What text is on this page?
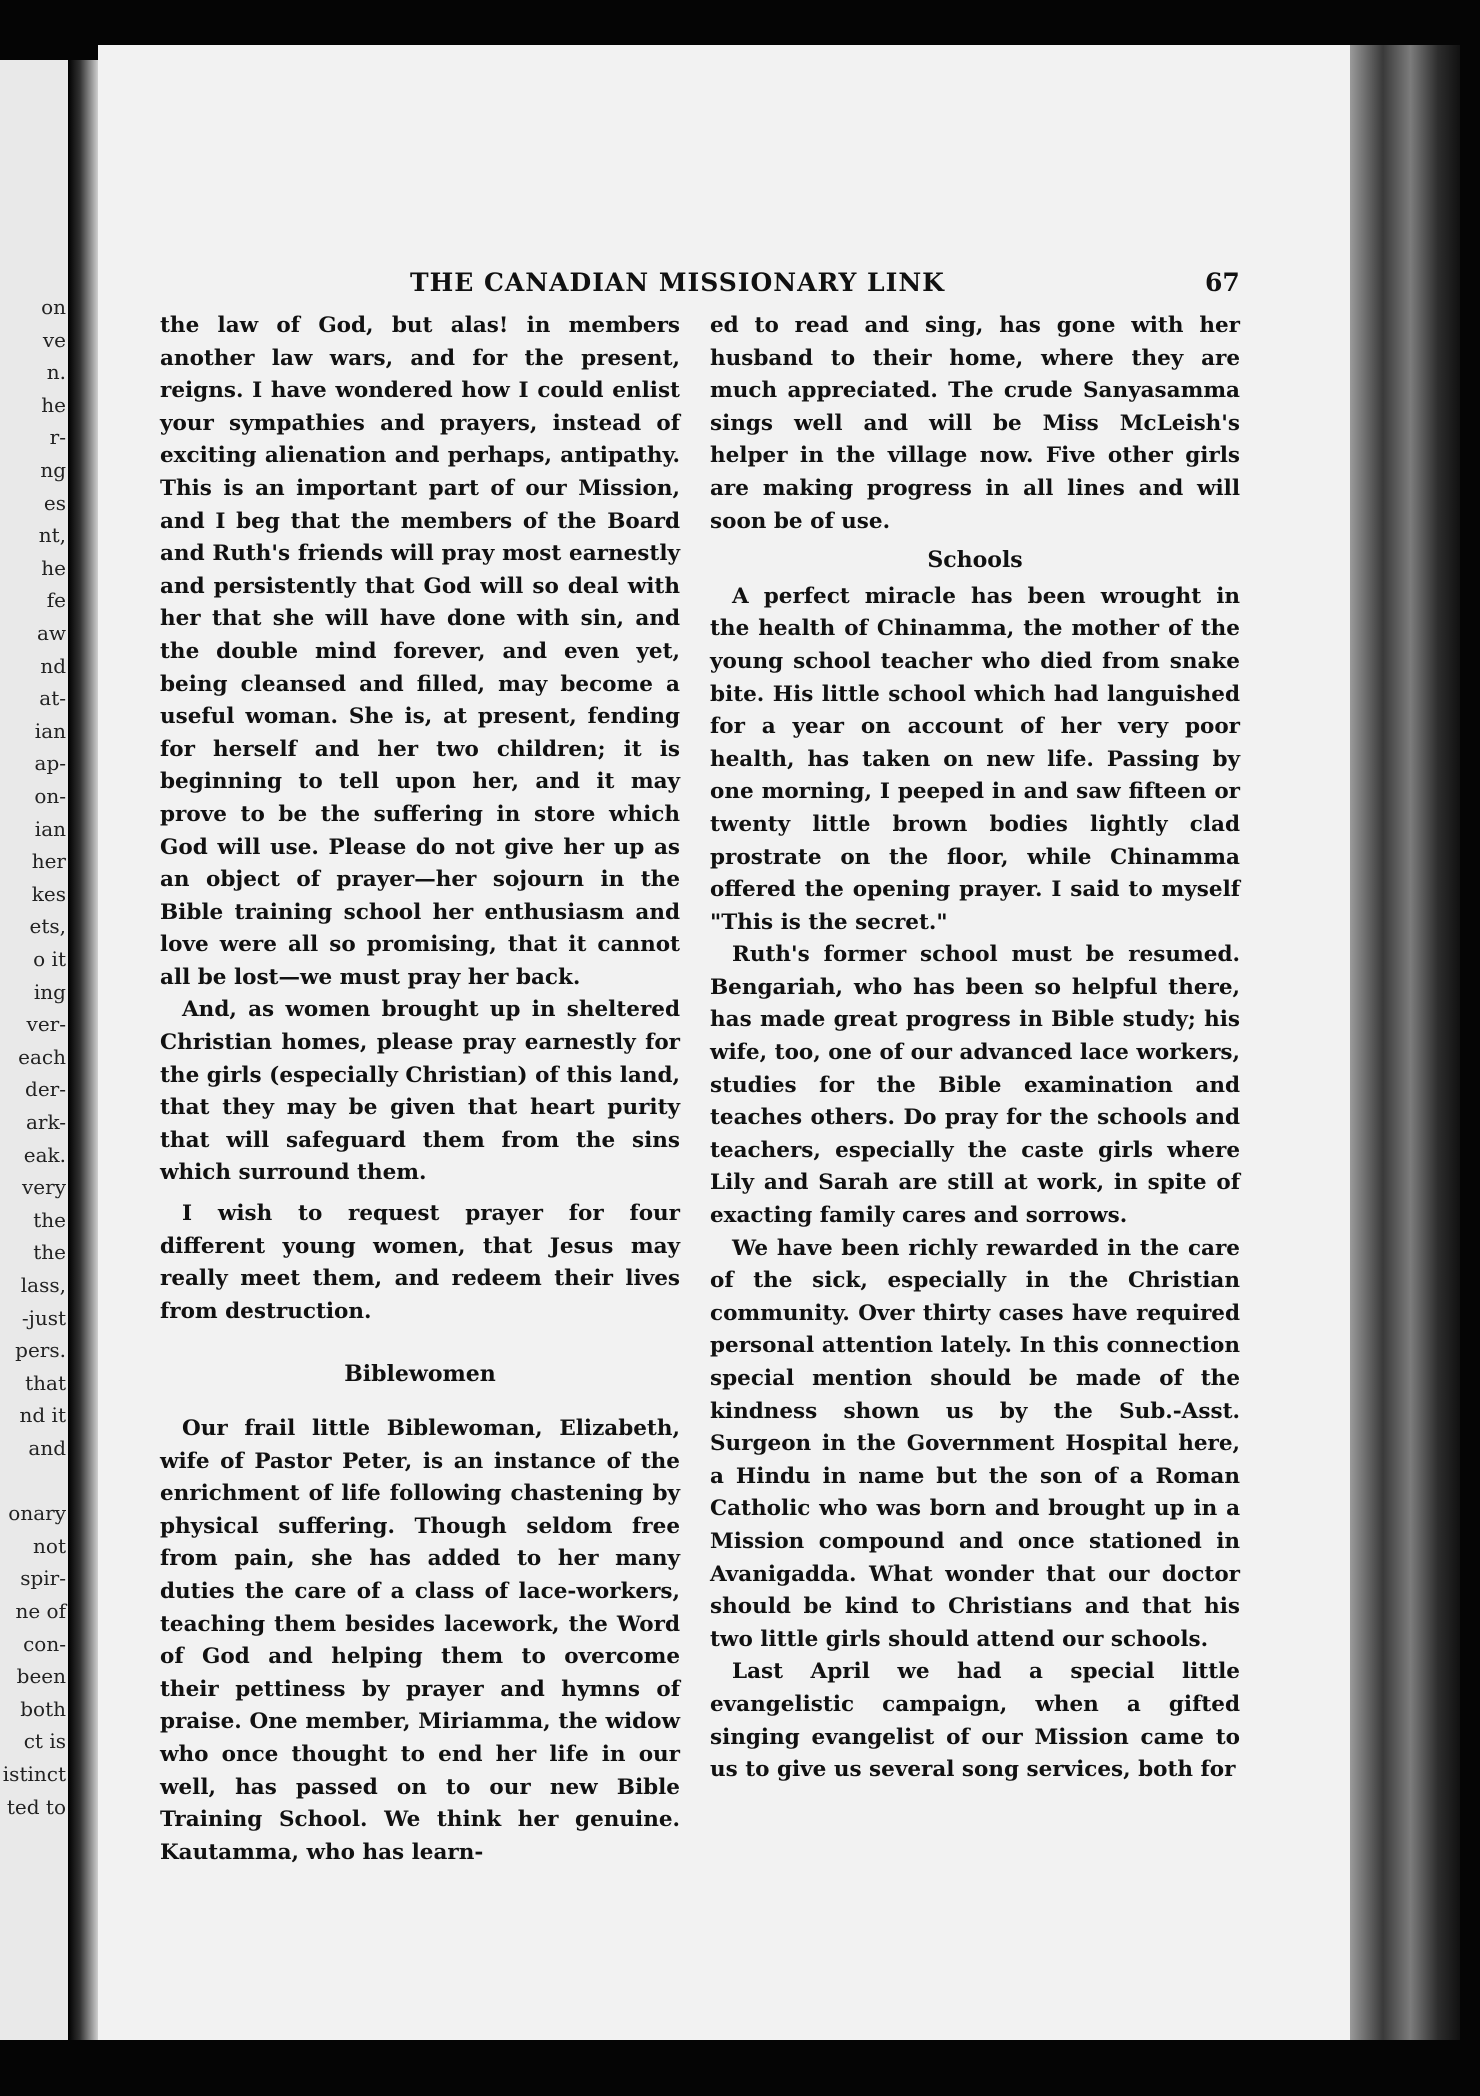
on
ve
n.
he
r-
ng
es
nt,
he
fe
aw
nd
at-
ian
ap-
on-
ian
her
kes
ets,
o it
ing
ver-
each
der-
ark-
eak.
very
the
the
lass,
-just
pers.
that
nd it
and
onary
not
spir-
ne of
con-
been
both
ct is
istinct
ted to
THE CANADIAN MISSIONARY LINK	67

the law of God, but alas! in members another law wars, and for the present, reigns. I have wondered how I could enlist your sympathies and prayers, instead of exciting alienation and perhaps, antipathy. This is an important part of our Mission, and I beg that the members of the Board and Ruth's friends will pray most earnestly and persistently that God will so deal with her that she will have done with sin, and the double mind forever, and even yet, being cleansed and filled, may become a useful woman. She is, at present, fending for herself and her two children; it is beginning to tell upon her, and it may prove to be the suffering in store which God will use. Please do not give her up as an object of prayer—her sojourn in the Bible training school her enthusiasm and love were all so promising, that it cannot all be lost—we must pray her back.

And, as women brought up in sheltered Christian homes, please pray earnestly for the girls (especially Christian) of this land, that they may be given that heart purity that will safeguard them from the sins which surround them.

I wish to request prayer for four different young women, that Jesus may really meet them, and redeem their lives from destruction.

Biblewomen

Our frail little Biblewoman, Elizabeth, wife of Pastor Peter, is an instance of the enrichment of life following chastening by physical suffering. Though seldom free from pain, she has added to her many duties the care of a class of lace-workers, teaching them besides lacework, the Word of God and helping them to overcome their pettiness by prayer and hymns of praise. One member, Miriamma, the widow who once thought to end her life in our well, has passed on to our new Bible Training School. We think her genuine. Kautamma, who has learn-

ed to read and sing, has gone with her husband to their home, where they are much appreciated. The crude Sanyasamma sings well and will be Miss McLeish's helper in the village now. Five other girls are making progress in all lines and will soon be of use.

Schools

A perfect miracle has been wrought in the health of Chinamma, the mother of the young school teacher who died from snake bite. His little school which had languished for a year on account of her very poor health, has taken on new life. Passing by one morning, I peeped in and saw fifteen or twenty little brown bodies lightly clad prostrate on the floor, while Chinamma offered the opening prayer. I said to myself "This is the secret."

Ruth's former school must be resumed. Bengariah, who has been so helpful there, has made great progress in Bible study; his wife, too, one of our advanced lace workers, studies for the Bible examination and teaches others. Do pray for the schools and teachers, especially the caste girls where Lily and Sarah are still at work, in spite of exacting family cares and sorrows.

We have been richly rewarded in the care of the sick, especially in the Christian community. Over thirty cases have required personal attention lately. In this connection special mention should be made of the kindness shown us by the Sub.-Asst. Surgeon in the Government Hospital here, a Hindu in name but the son of a Roman Catholic who was born and brought up in a Mission compound and once stationed in Avanigadda. What wonder that our doctor should be kind to Christians and that his two little girls should attend our schools.

Last April we had a special little evangelistic campaign, when a gifted singing evangelist of our Mission came to us to give us several song services, both for
